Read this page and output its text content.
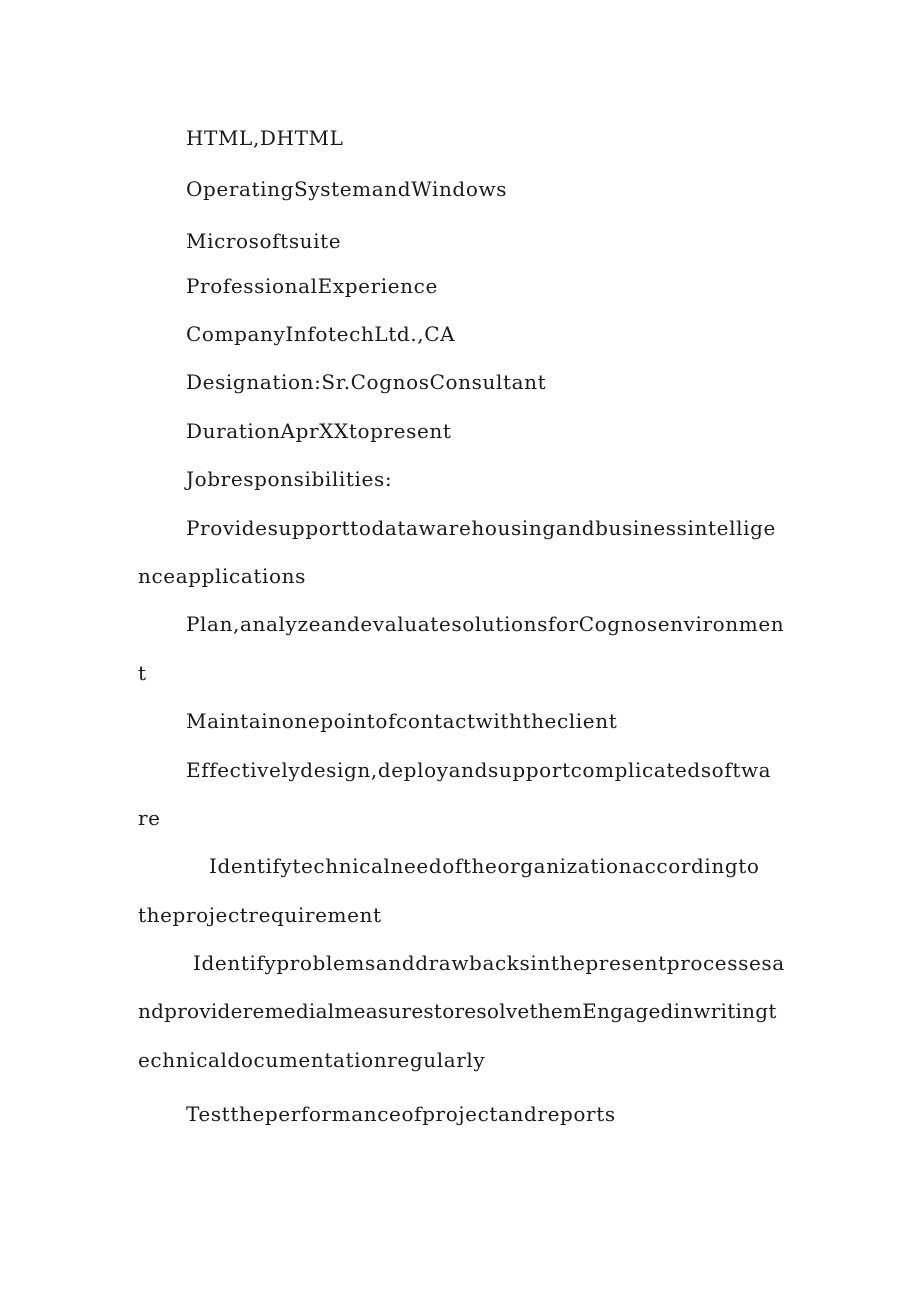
HTML,DHTML

OperatingSystemandWindows

Microsoftsuite

ProfessionalExperience

CompanyInfotechLtd.,CA

Designation:Sr.CognosConsultant

DurationAprXXtopresent

Jobresponsibilities:

Providesupporttodatawarehousingandbusinessintellige

nceapplications

Plan,analyzeandevaluatesolutionsforCognosenvironmen

t

Maintainonepointofcontactwiththeclient

Effectivelydesign,deployandsupportcomplicatedsoftwa

re

Identifytechnicalneedoftheorganizationaccordingto

theprojectrequirement

Identifyproblemsanddrawbacksinthepresentprocessesa

ndprovideremedialmeasurestoresolvethemEngagedinwritingt

echnicaldocumentationregularly

Testtheperformanceofprojectandreports
